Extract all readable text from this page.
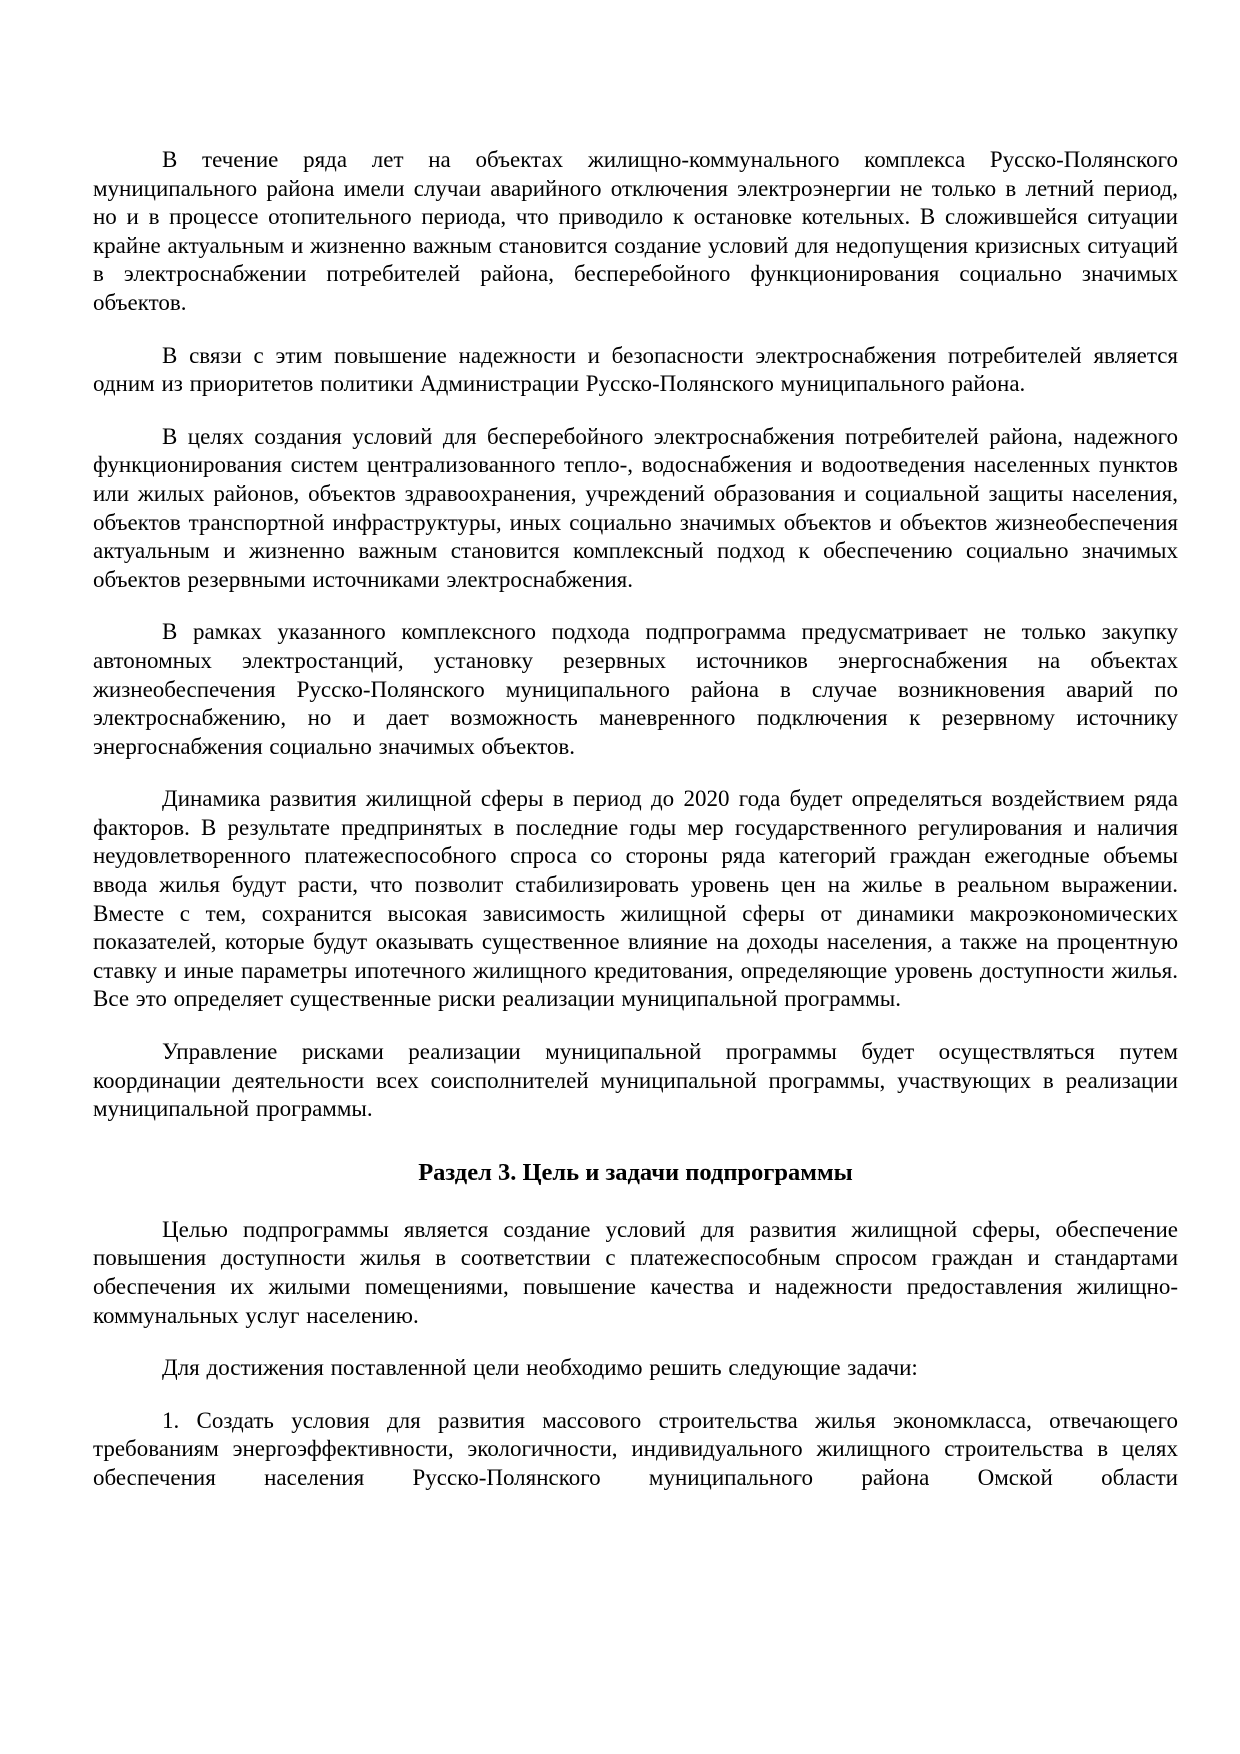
В течение ряда лет на объектах жилищно-коммунального комплекса Русско-Полянского муниципального района имели случаи аварийного отключения электроэнергии не только в летний период, но и в процессе отопительного периода, что приводило к остановке котельных. В сложившейся ситуации крайне актуальным и жизненно важным становится создание условий для недопущения кризисных ситуаций в электроснабжении потребителей района, бесперебойного функционирования социально значимых объектов.

В связи с этим повышение надежности и безопасности электроснабжения потребителей является одним из приоритетов политики Администрации Русско-Полянского муниципального района.

В целях создания условий для бесперебойного электроснабжения потребителей района, надежного функционирования систем централизованного тепло-, водоснабжения и водоотведения населенных пунктов или жилых районов, объектов здравоохранения, учреждений образования и социальной защиты населения, объектов транспортной инфраструктуры, иных социально значимых объектов и объектов жизнеобеспечения актуальным и жизненно важным становится комплексный подход к обеспечению социально значимых объектов резервными источниками электроснабжения.

В рамках указанного комплексного подхода подпрограмма предусматривает не только закупку автономных электростанций, установку резервных источников энергоснабжения на объектах жизнеобеспечения Русско-Полянского муниципального района в случае возникновения аварий по электроснабжению, но и дает возможность маневренного подключения к резервному источнику энергоснабжения социально значимых объектов.

Динамика развития жилищной сферы в период до 2020 года будет определяться воздействием ряда факторов. В результате предпринятых в последние годы мер государственного регулирования и наличия неудовлетворенного платежеспособного спроса со стороны ряда категорий граждан ежегодные объемы ввода жилья будут расти, что позволит стабилизировать уровень цен на жилье в реальном выражении. Вместе с тем, сохранится высокая зависимость жилищной сферы от динамики макроэкономических показателей, которые будут оказывать существенное влияние на доходы населения, а также на процентную ставку и иные параметры ипотечного жилищного кредитования, определяющие уровень доступности жилья. Все это определяет существенные риски реализации муниципальной программы.

Управление рисками реализации муниципальной программы будет осуществляться путем координации деятельности всех соисполнителей муниципальной программы, участвующих в реализации муниципальной программы.

Раздел 3. Цель и задачи подпрограммы

Целью подпрограммы является создание условий для развития жилищной сферы, обеспечение повышения доступности жилья в соответствии с платежеспособным спросом граждан и стандартами обеспечения их жилыми помещениями, повышение качества и надежности предоставления жилищно-коммунальных услуг населению.

Для достижения поставленной цели необходимо решить следующие задачи:

1. Создать условия для развития массового строительства жилья экономкласса, отвечающего требованиям энергоэффективности, экологичности, индивидуального жилищного строительства в целях обеспечения населения Русско-Полянского муниципального района Омской области
